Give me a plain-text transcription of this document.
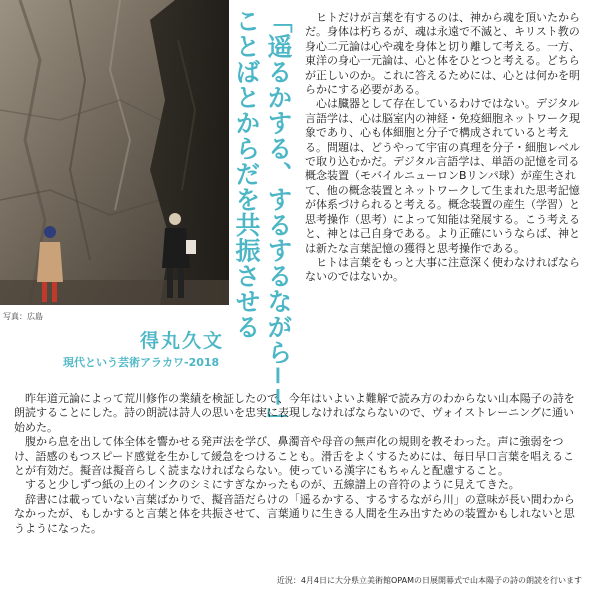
写真：広島	「遥るかする、するするながら−−」
ことばとからだを共振させる
得丸久文
現代という芸術アラカワ-2018

ヒトだけが言葉を有するのは、神から魂を頂いたからだ。身体は朽ちるが、魂は永遠で不滅と、キリスト教の身心二元論は心や魂を身体と切り離して考える。一方、東洋の身心一元論は、心と体をひとつと考える。どちらが正しいのか。これに答えるためには、心とは何かを明らかにする必要がある。

心は臓器として存在しているわけではない。デジタル言語学は、心は脳室内の神経・免疫細胞ネットワーク現象であり、心も体細胞と分子で構成されていると考える。問題は、どうやって宇宙の真理を分子・細胞レベルで取り込むかだ。デジタル言語学は、単語の記憶を司る概念装置（モバイルニューロンBリンパ球）が産生されて、他の概念装置とネットワークして生まれた思考記憶が体系づけられると考える。概念装置の産生（学習）と思考操作（思考）によって知能は発展する。こう考えると、神とは己自身である。より正確にいうならば、神とは新たな言葉記憶の獲得と思考操作である。

ヒトは言葉をもっと大事に注意深く使わなければならないのではないか。

昨年道元論によって荒川修作の業績を検証したので、今年はいよいよ難解で読み方のわからない山本陽子の詩を朗読することにした。詩の朗読は詩人の思いを忠実に表現しなければならないので、ヴォイストレーニングに通い始めた。

腹から息を出して体全体を響かせる発声法を学び、鼻濁音や母音の無声化の規則を教そわった。声に強弱をつけ、語感のもつスピード感覚を生かして緩急をつけることも。滑舌をよくするためには、毎日早口言葉を唱えることが有効だ。擬音は擬音らしく読まなければならない。使っている漢字にもちゃんと配慮すること。

すると少しずつ紙の上のインクのシミにすぎなかったものが、五線譜上の音符のように見えてきた。

辞書には載っていない言葉ばかりで、擬音語だらけの「遥るかする、するするながら川」の意味が長い間わからなかったが、もしかすると言葉と体を共振させて、言葉通りに生きる人間を生み出すための装置かもしれないと思うようになった。

近況：4月4日に大分県立美術館OPAMの日展開幕式で山本陽子の詩の朗読を行います
